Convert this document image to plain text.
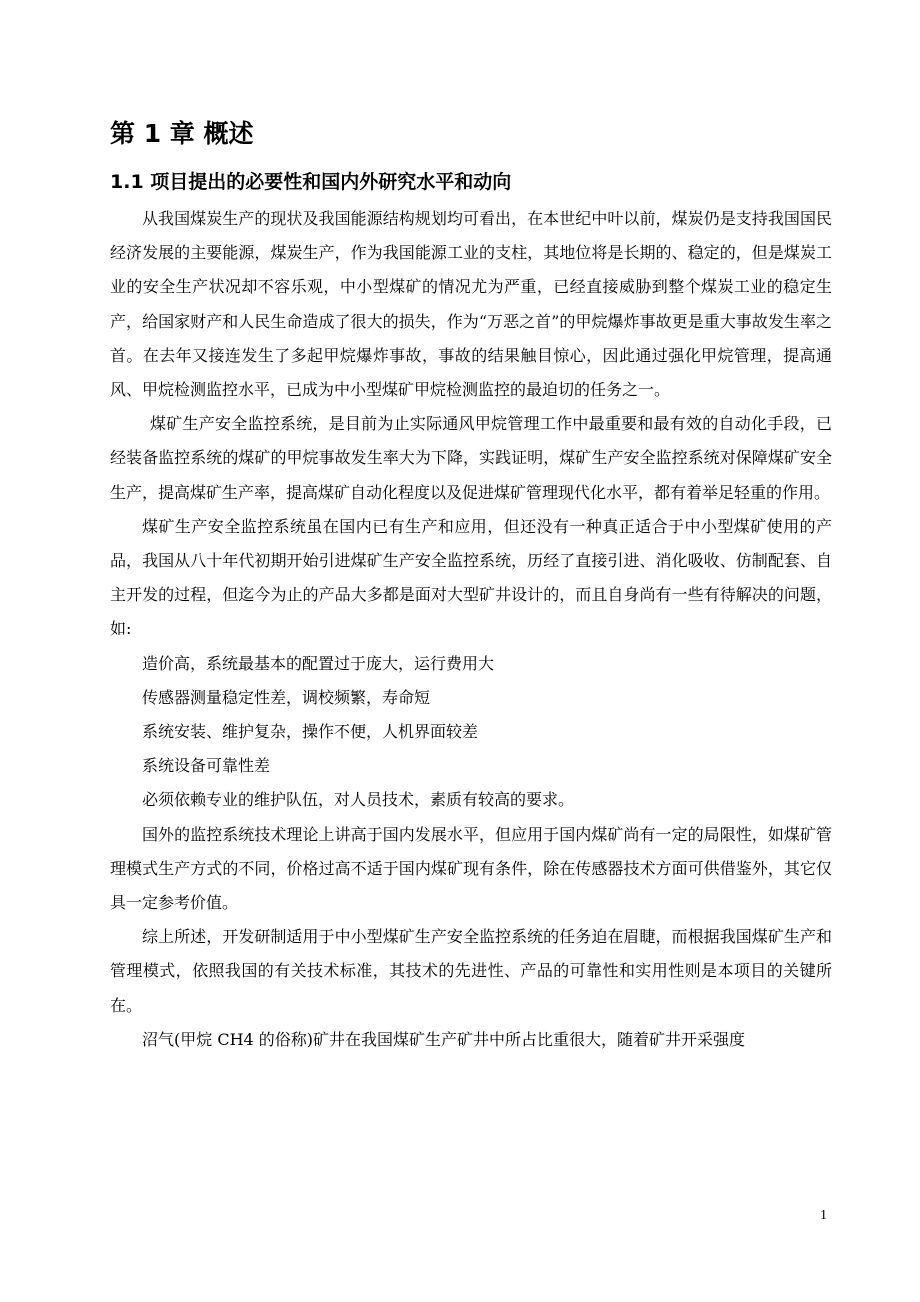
第 1 章 概述
1.1 项目提出的必要性和国内外研究水平和动向

从我国煤炭生产的现状及我国能源结构规划均可看出，在本世纪中叶以前，煤炭仍是支持我国国民经济发展的主要能源，煤炭生产，作为我国能源工业的支柱，其地位将是长期的、稳定的，但是煤炭工业的安全生产状况却不容乐观，中小型煤矿的情况尤为严重，已经直接威胁到整个煤炭工业的稳定生产，给国家财产和人民生命造成了很大的损失，作为“万恶之首”的甲烷爆炸事故更是重大事故发生率之首。在去年又接连发生了多起甲烷爆炸事故，事故的结果触目惊心，因此通过强化甲烷管理，提高通风、甲烷检测监控水平，已成为中小型煤矿甲烷检测监控的最迫切的任务之一。

煤矿生产安全监控系统，是目前为止实际通风甲烷管理工作中最重要和最有效的自动化手段，已经装备监控系统的煤矿的甲烷事故发生率大为下降，实践证明，煤矿生产安全监控系统对保障煤矿安全生产，提高煤矿生产率，提高煤矿自动化程度以及促进煤矿管理现代化水平，都有着举足轻重的作用。

煤矿生产安全监控系统虽在国内已有生产和应用，但还没有一种真正适合于中小型煤矿使用的产品，我国从八十年代初期开始引进煤矿生产安全监控系统，历经了直接引进、消化吸收、仿制配套、自主开发的过程，但迄今为止的产品大多都是面对大型矿井设计的，而且自身尚有一些有待解决的问题，如:

造价高，系统最基本的配置过于庞大，运行费用大
传感器测量稳定性差，调校频繁，寿命短
系统安装、维护复杂，操作不便，人机界面较差
系统设备可靠性差
必须依赖专业的维护队伍，对人员技术，素质有较高的要求。

国外的监控系统技术理论上讲高于国内发展水平，但应用于国内煤矿尚有一定的局限性，如煤矿管理模式生产方式的不同，价格过高不适于国内煤矿现有条件，除在传感器技术方面可供借鉴外，其它仅具一定参考价值。

综上所述，开发研制适用于中小型煤矿生产安全监控系统的任务迫在眉睫，而根据我国煤矿生产和管理模式，依照我国的有关技术标准，其技术的先进性、产品的可靠性和实用性则是本项目的关键所在。

沼气(甲烷 CH4 的俗称)矿井在我国煤矿生产矿井中所占比重很大，随着矿井开采强度

1
